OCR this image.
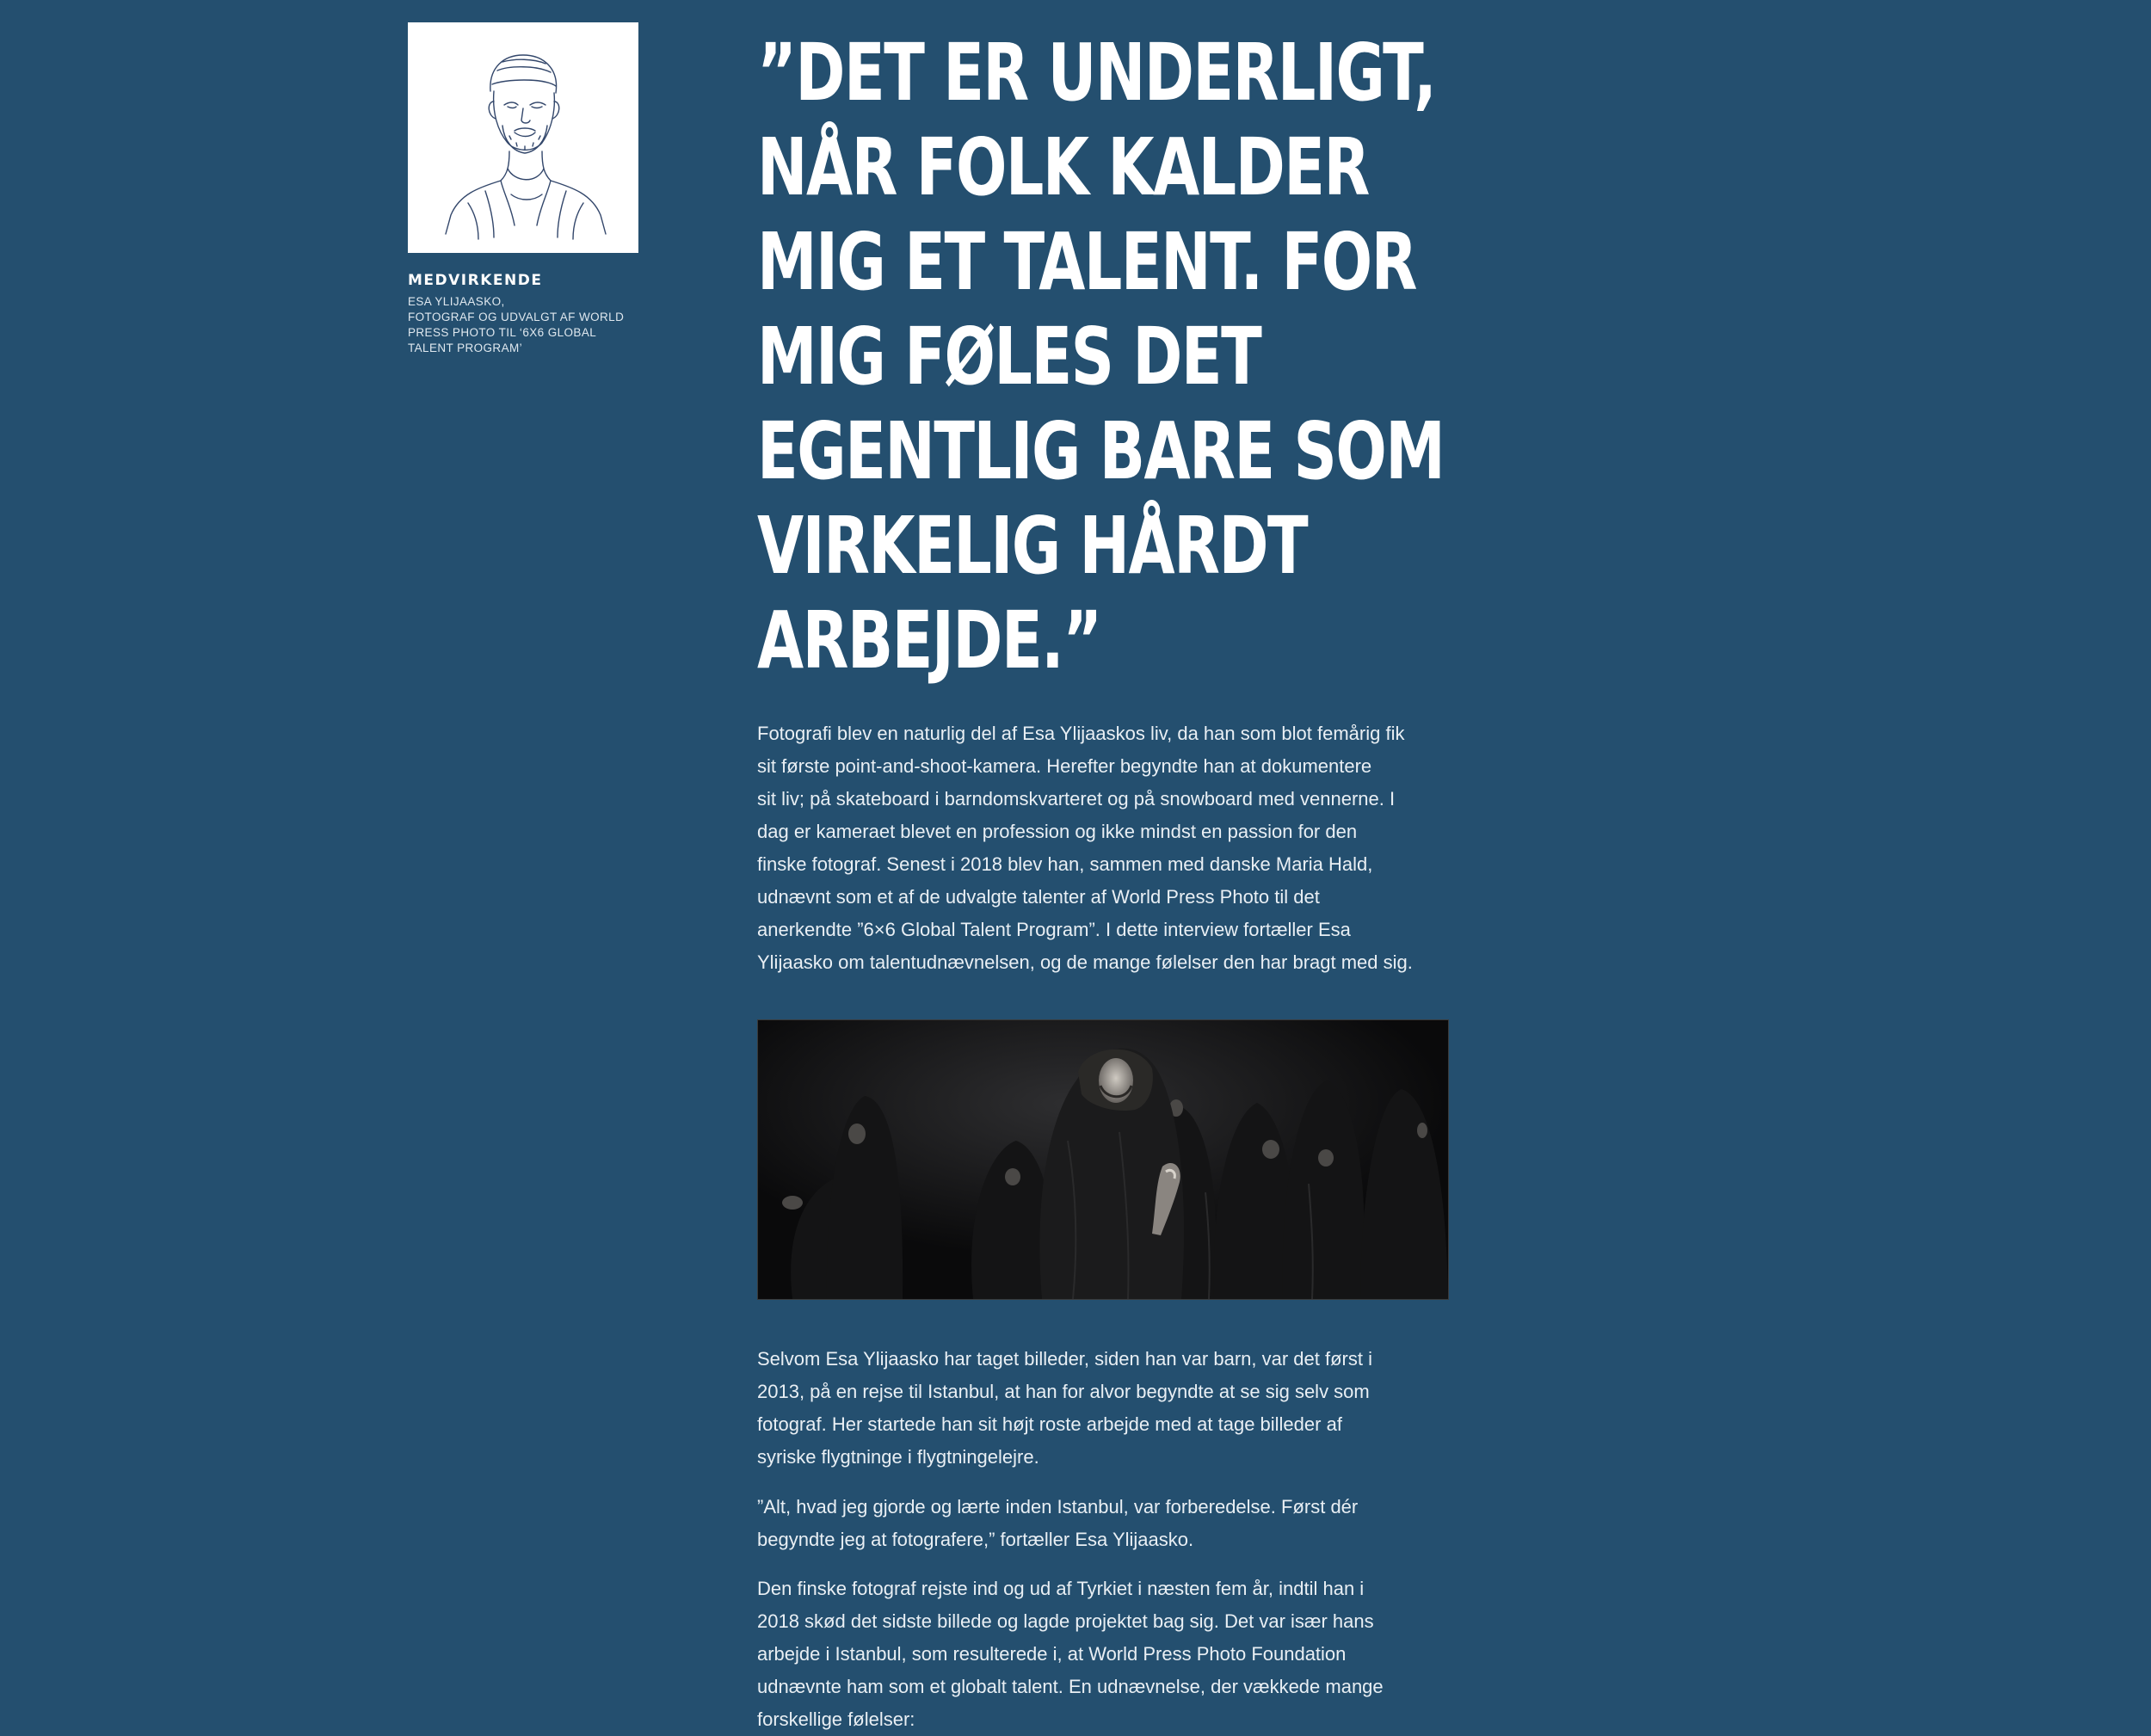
MEDVIRKENDE
ESA YLIJAASKO,
FOTOGRAF OG UDVALGT AF WORLD
PRESS PHOTO TIL ‘6X6 GLOBAL
TALENT PROGRAM’
”DET ER UNDERLIGT,
NÅR FOLK KALDER
MIG ET TALENT. FOR
MIG FØLES DET
EGENTLIG BARE SOM
VIRKELIG HÅRDT
ARBEJDE.”

Fotografi blev en naturlig del af Esa Ylijaaskos liv, da han som blot femårig fik
sit første point-and-shoot-kamera. Herefter begyndte han at dokumentere
sit liv; på skateboard i barndomskvarteret og på snowboard med vennerne. I
dag er kameraet blevet en profession og ikke mindst en passion for den
finske fotograf. Senest i 2018 blev han, sammen med danske Maria Hald,
udnævnt som et af de udvalgte talenter af World Press Photo til det
anerkendte ”6×6 Global Talent Program”. I dette interview fortæller Esa
Ylijaasko om talentudnævnelsen, og de mange følelser den har bragt med sig.

Selvom Esa Ylijaasko har taget billeder, siden han var barn, var det først i
2013, på en rejse til Istanbul, at han for alvor begyndte at se sig selv som
fotograf. Her startede han sit højt roste arbejde med at tage billeder af
syriske flygtninge i flygtningelejre.

”Alt, hvad jeg gjorde og lærte inden Istanbul, var forberedelse. Først dér
begyndte jeg at fotografere,” fortæller Esa Ylijaasko.

Den finske fotograf rejste ind og ud af Tyrkiet i næsten fem år, indtil han i
2018 skød det sidste billede og lagde projektet bag sig. Det var især hans
arbejde i Istanbul, som resulterede i, at World Press Photo Foundation
udnævnte ham som et globalt talent. En udnævnelse, der vækkede mange
forskellige følelser:
